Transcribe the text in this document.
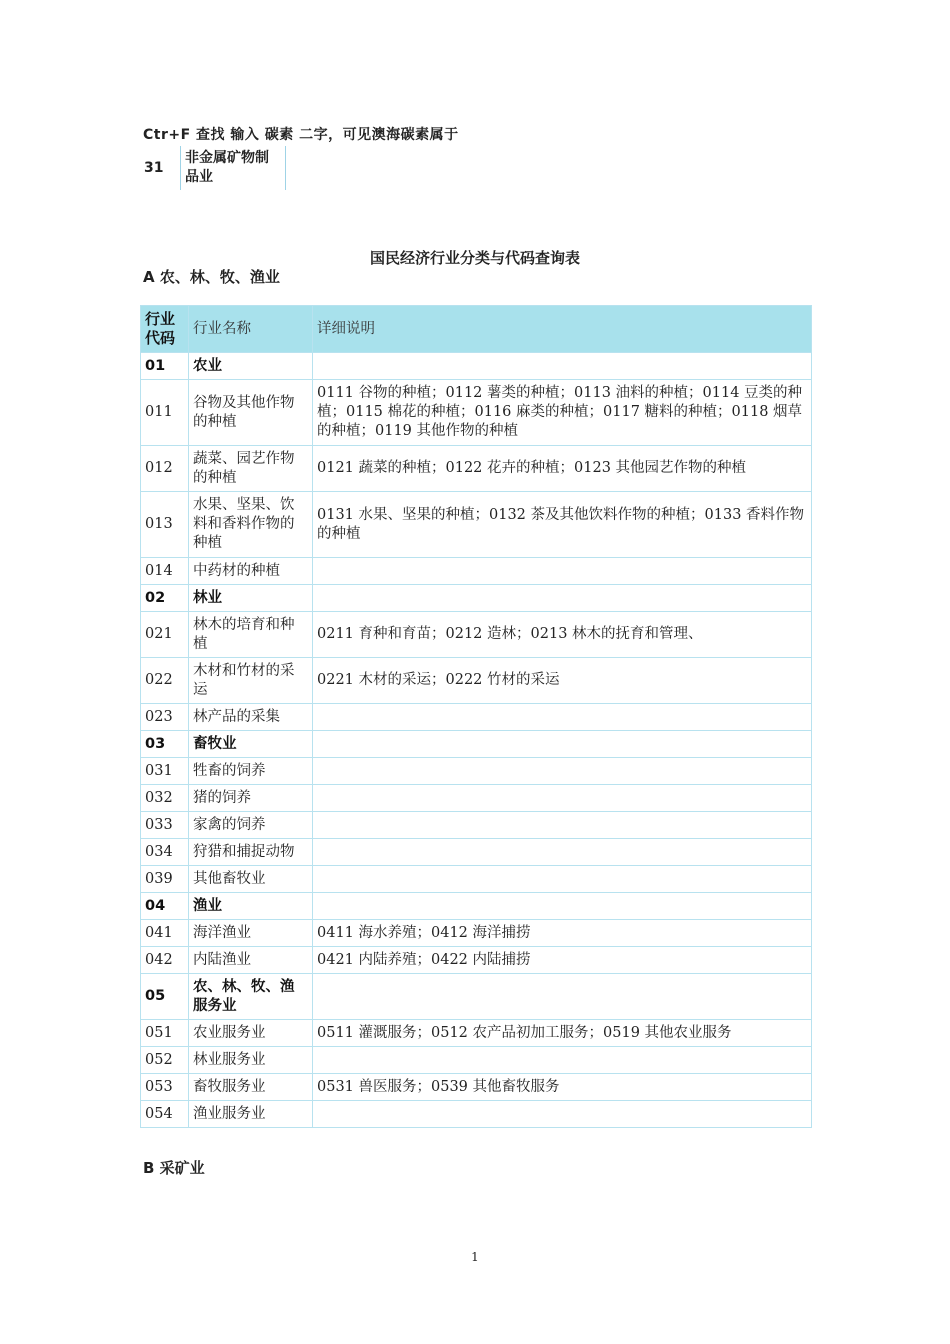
Ctr+F 查找 输入 碳素 二字，可见澳海碳素属于
31	非金属矿物制品业
国民经济行业分类与代码查询表
A 农、林、牧、渔业
行业代码	行业名称	详细说明
01	农业	
011	谷物及其他作物的种植	0111 谷物的种植；0112 薯类的种植；0113 油料的种植；0114 豆类的种植；0115 棉花的种植；0116 麻类的种植；0117 糖料的种植；0118 烟草的种植；0119 其他作物的种植
012	蔬菜、园艺作物的种植	0121 蔬菜的种植；0122 花卉的种植；0123 其他园艺作物的种植
013	水果、坚果、饮料和香料作物的种植	0131 水果、坚果的种植；0132 茶及其他饮料作物的种植；0133 香料作物的种植
014	中药材的种植	
02	林业	
021	林木的培育和种植	0211 育种和育苗；0212 造林；0213 林木的抚育和管理、
022	木材和竹材的采运	0221 木材的采运；0222 竹材的采运
023	林产品的采集	
03	畜牧业	
031	牲畜的饲养	
032	猪的饲养	
033	家禽的饲养	
034	狩猎和捕捉动物	
039	其他畜牧业	
04	渔业	
041	海洋渔业	0411 海水养殖；0412 海洋捕捞
042	内陆渔业	0421 内陆养殖；0422 内陆捕捞
05	农、林、牧、渔服务业	
051	农业服务业	0511 灌溉服务；0512 农产品初加工服务；0519 其他农业服务
052	林业服务业	
053	畜牧服务业	0531 兽医服务；0539 其他畜牧服务
054	渔业服务业	
B 采矿业
1
